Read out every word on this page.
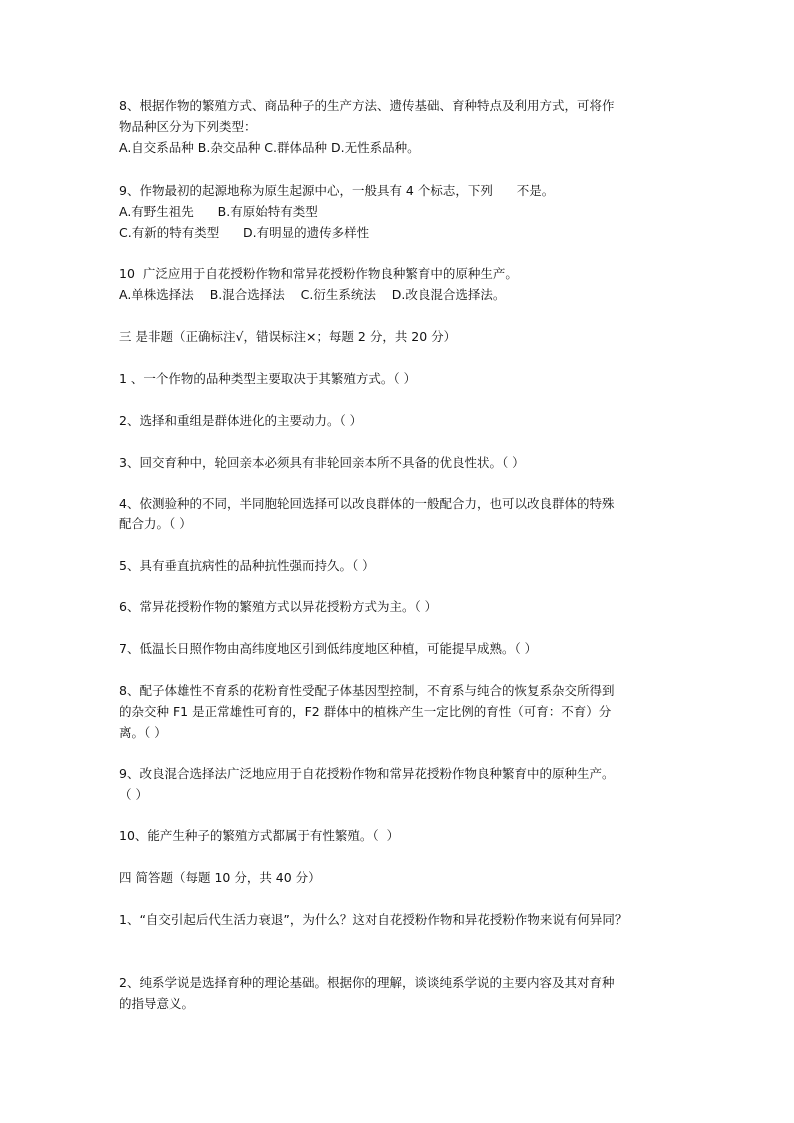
8、根据作物的繁殖方式、商品种子的生产方法、遗传基础、育种特点及利用方式，可将作
物品种区分为下列类型：
A.自交系品种 B.杂交品种 C.群体品种 D.无性系品种。
9、作物最初的起源地称为原生起源中心，一般具有 4 个标志，下列      不是。
A.有野生祖先      B.有原始特有类型
C.有新的特有类型      D.有明显的遗传多样性
10  广泛应用于自花授粉作物和常异花授粉作物良种繁育中的原种生产。
A.单株选择法    B.混合选择法    C.衍生系统法    D.改良混合选择法。
三 是非题（正确标注√，错误标注×；每题 2 分，共 20 分）
1 、一个作物的品种类型主要取决于其繁殖方式。（ ）
2、选择和重组是群体进化的主要动力。（ ）
3、回交育种中，轮回亲本必须具有非轮回亲本所不具备的优良性状。（ ）
4、依测验种的不同，半同胞轮回选择可以改良群体的一般配合力，也可以改良群体的特殊
配合力。（ ）
5、具有垂直抗病性的品种抗性强而持久。（ ）
6、常异花授粉作物的繁殖方式以异花授粉方式为主。（ ）
7、低温长日照作物由高纬度地区引到低纬度地区种植，可能提早成熟。（ ）
8、配子体雄性不育系的花粉育性受配子体基因型控制，不育系与纯合的恢复系杂交所得到
的杂交种 F1 是正常雄性可育的，F2 群体中的植株产生一定比例的育性（可育：不育）分
离。（ ）
9、改良混合选择法广泛地应用于自花授粉作物和常异花授粉作物良种繁育中的原种生产。
（ ）
10、能产生种子的繁殖方式都属于有性繁殖。（  ）
四 简答题（每题 10 分，共 40 分）
1、“自交引起后代生活力衰退”，为什么？这对自花授粉作物和异花授粉作物来说有何异同？
2、纯系学说是选择育种的理论基础。根据你的理解，谈谈纯系学说的主要内容及其对育种
的指导意义。
